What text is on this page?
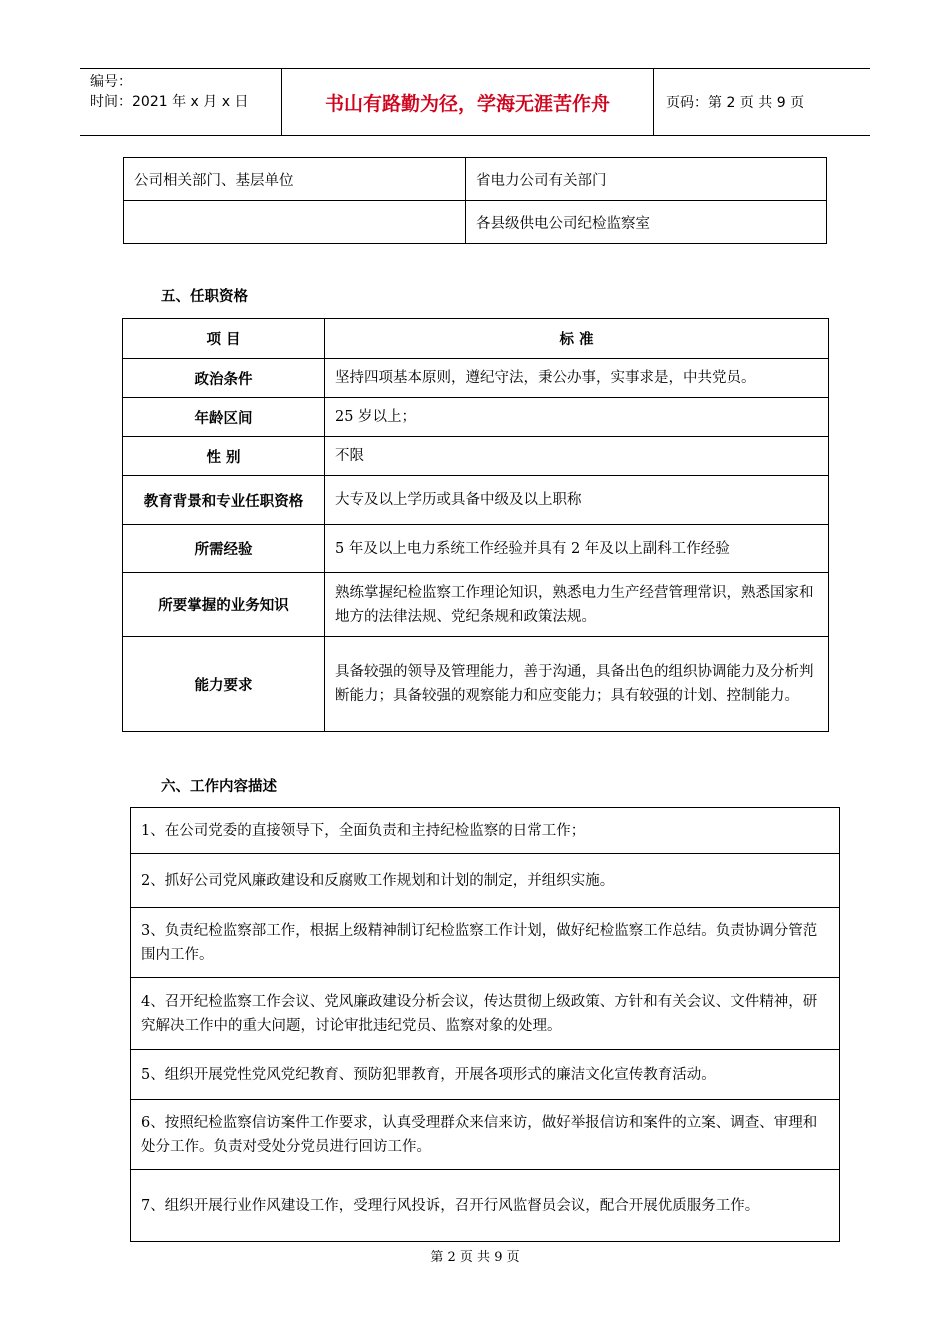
编号：
时间：2021 年 x 月 x 日	书山有路勤为径，学海无涯苦作舟	页码：第 2 页 共 9 页
公司相关部门、基层单位	省电力公司有关部门
	各县级供电公司纪检监察室
五、任职资格
项 目	标 准
政治条件	坚持四项基本原则，遵纪守法，秉公办事，实事求是，中共党员。
年龄区间	25 岁以上；
性 别	不限
教育背景和专业任职资格	大专及以上学历或具备中级及以上职称
所需经验	5 年及以上电力系统工作经验并具有 2 年及以上副科工作经验
所要掌握的业务知识	熟练掌握纪检监察工作理论知识，熟悉电力生产经营管理常识，熟悉国家和地方的法律法规、党纪条规和政策法规。
能力要求	具备较强的领导及管理能力，善于沟通，具备出色的组织协调能力及分析判断能力；具备较强的观察能力和应变能力；具有较强的计划、控制能力。
六、工作内容描述
1、在公司党委的直接领导下，全面负责和主持纪检监察的日常工作；
2、抓好公司党风廉政建设和反腐败工作规划和计划的制定，并组织实施。
3、负责纪检监察部工作，根据上级精神制订纪检监察工作计划，做好纪检监察工作总结。负责协调分管范围内工作。
4、召开纪检监察工作会议、党风廉政建设分析会议，传达贯彻上级政策、方针和有关会议、文件精神，研究解决工作中的重大问题，讨论审批违纪党员、监察对象的处理。
5、组织开展党性党风党纪教育、预防犯罪教育，开展各项形式的廉洁文化宣传教育活动。
6、按照纪检监察信访案件工作要求，认真受理群众来信来访，做好举报信访和案件的立案、调查、审理和处分工作。负责对受处分党员进行回访工作。
7、组织开展行业作风建设工作，受理行风投诉，召开行风监督员会议，配合开展优质服务工作。
第 2 页 共 9 页
